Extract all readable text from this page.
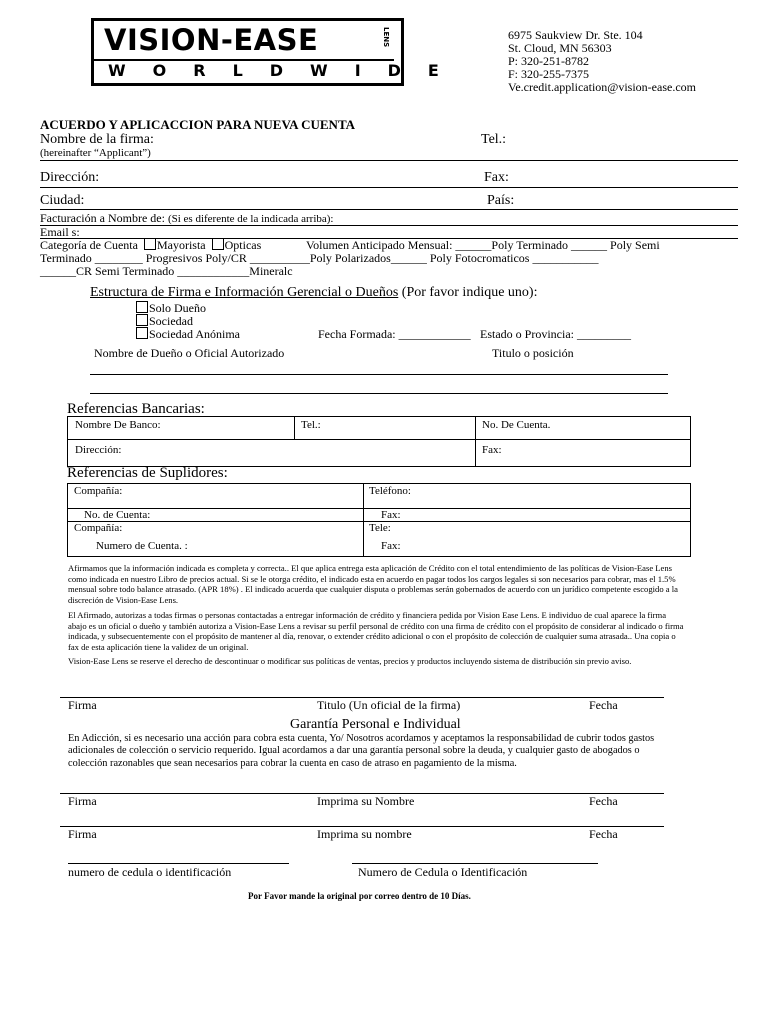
VISION-EASE
WORLDWIDE
LENS	6975 Saukview Dr. Ste. 104
St. Cloud, MN 56303
P: 320-251-8782
F: 320-255-7375
Ve.credit.application@vision-ease.com
ACUERDO Y APLICACCION PARA NUEVA CUENTA
Nombre de la firma:	Tel.:
(hereinafter “Applicant”)
Dirección:	Fax:
Ciudad:	País:
Facturación a Nombre de: (Si es diferente de la indicada arriba):
Email s:
Categoría de Cuenta Mayorista Opticas	Volumen Anticipado Mensual: ______Poly Terminado ______ Poly Semi
Terminado ________ Progresivos Poly/CR __________Poly Polarizados______ Poly Fotocromaticos ___________
______CR Semi Terminado ____________Mineralc
Estructura de Firma e Información Gerencial o Dueños (Por favor indique uno):
Solo Dueño
Sociedad
Sociedad Anónima	Fecha Formada: ____________ Estado o Provincia: _________
Nombre de Dueño o Oficial Autorizado	Titulo o posición
Referencias Bancarias:
Nombre De Banco:	Tel.:	No. De Cuenta.
Dirección:	Fax:
Referencias de Suplidores:
Compañía:	Teléfono:
No. de Cuenta:	Fax:
Compañía:	Tele:
Numero de Cuenta. :	Fax:
Afirmamos que la información indicada es completa y correcta.. El que aplica entrega esta aplicación de Crédito con el total entendimiento de las políticas de Vision-Ease Lens como indicada en nuestro Libro de precios actual. Si se le otorga crédito, el indicado esta en acuerdo en pagar todos los cargos legales si son necesarios para cobrar, mas el 1.5% mensual sobre todo balance atrasado. (APR 18%) . El indicado acuerda que cualquier disputa o problemas serán gobernados de acuerdo con un jurídico competente escogido a la discreción de Vision-Ease Lens.
El Afirmado, autorizas a todas firmas o personas contactadas a entregar información de crédito y financiera pedida por Vision Ease Lens. E individuo de cual aparece la firma abajo es un oficial o dueño y también autoriza a Vision-Ease Lens a revisar su perfil personal de crédito con una firma de crédito con el propósito de considerar al indicado o firma indicada, y subsecuentemente con el propósito de mantener al día, renovar, o extender crédito adicional o con el propósito de colección de cualquier suma atrasada.. Una copia o fax de esta aplicación tiene la validez de un original.
Vision-Ease Lens se reserve el derecho de descontinuar o modificar sus políticas de ventas, precios y productos incluyendo sistema de distribución sin previo aviso.
Firma	Titulo (Un oficial de la firma)	Fecha
Garantía Personal e Individual
En Adicción, si es necesario una acción para cobra esta cuenta, Yo/ Nosotros acordamos y aceptamos la responsabilidad de cubrir todos gastos adicionales de colección o servicio requerido. Igual acordamos a dar una garantía personal sobre la deuda, y cualquier gasto de abogados o colección razonables que sean necesarios para cobrar la cuenta en caso de atraso en pagamiento de la misma.
Firma	Imprima su Nombre	Fecha
Firma	Imprima su nombre	Fecha
numero de cedula o identificación	Numero de Cedula o Identificación
Por Favor mande la original por correo dentro de 10 Días.
